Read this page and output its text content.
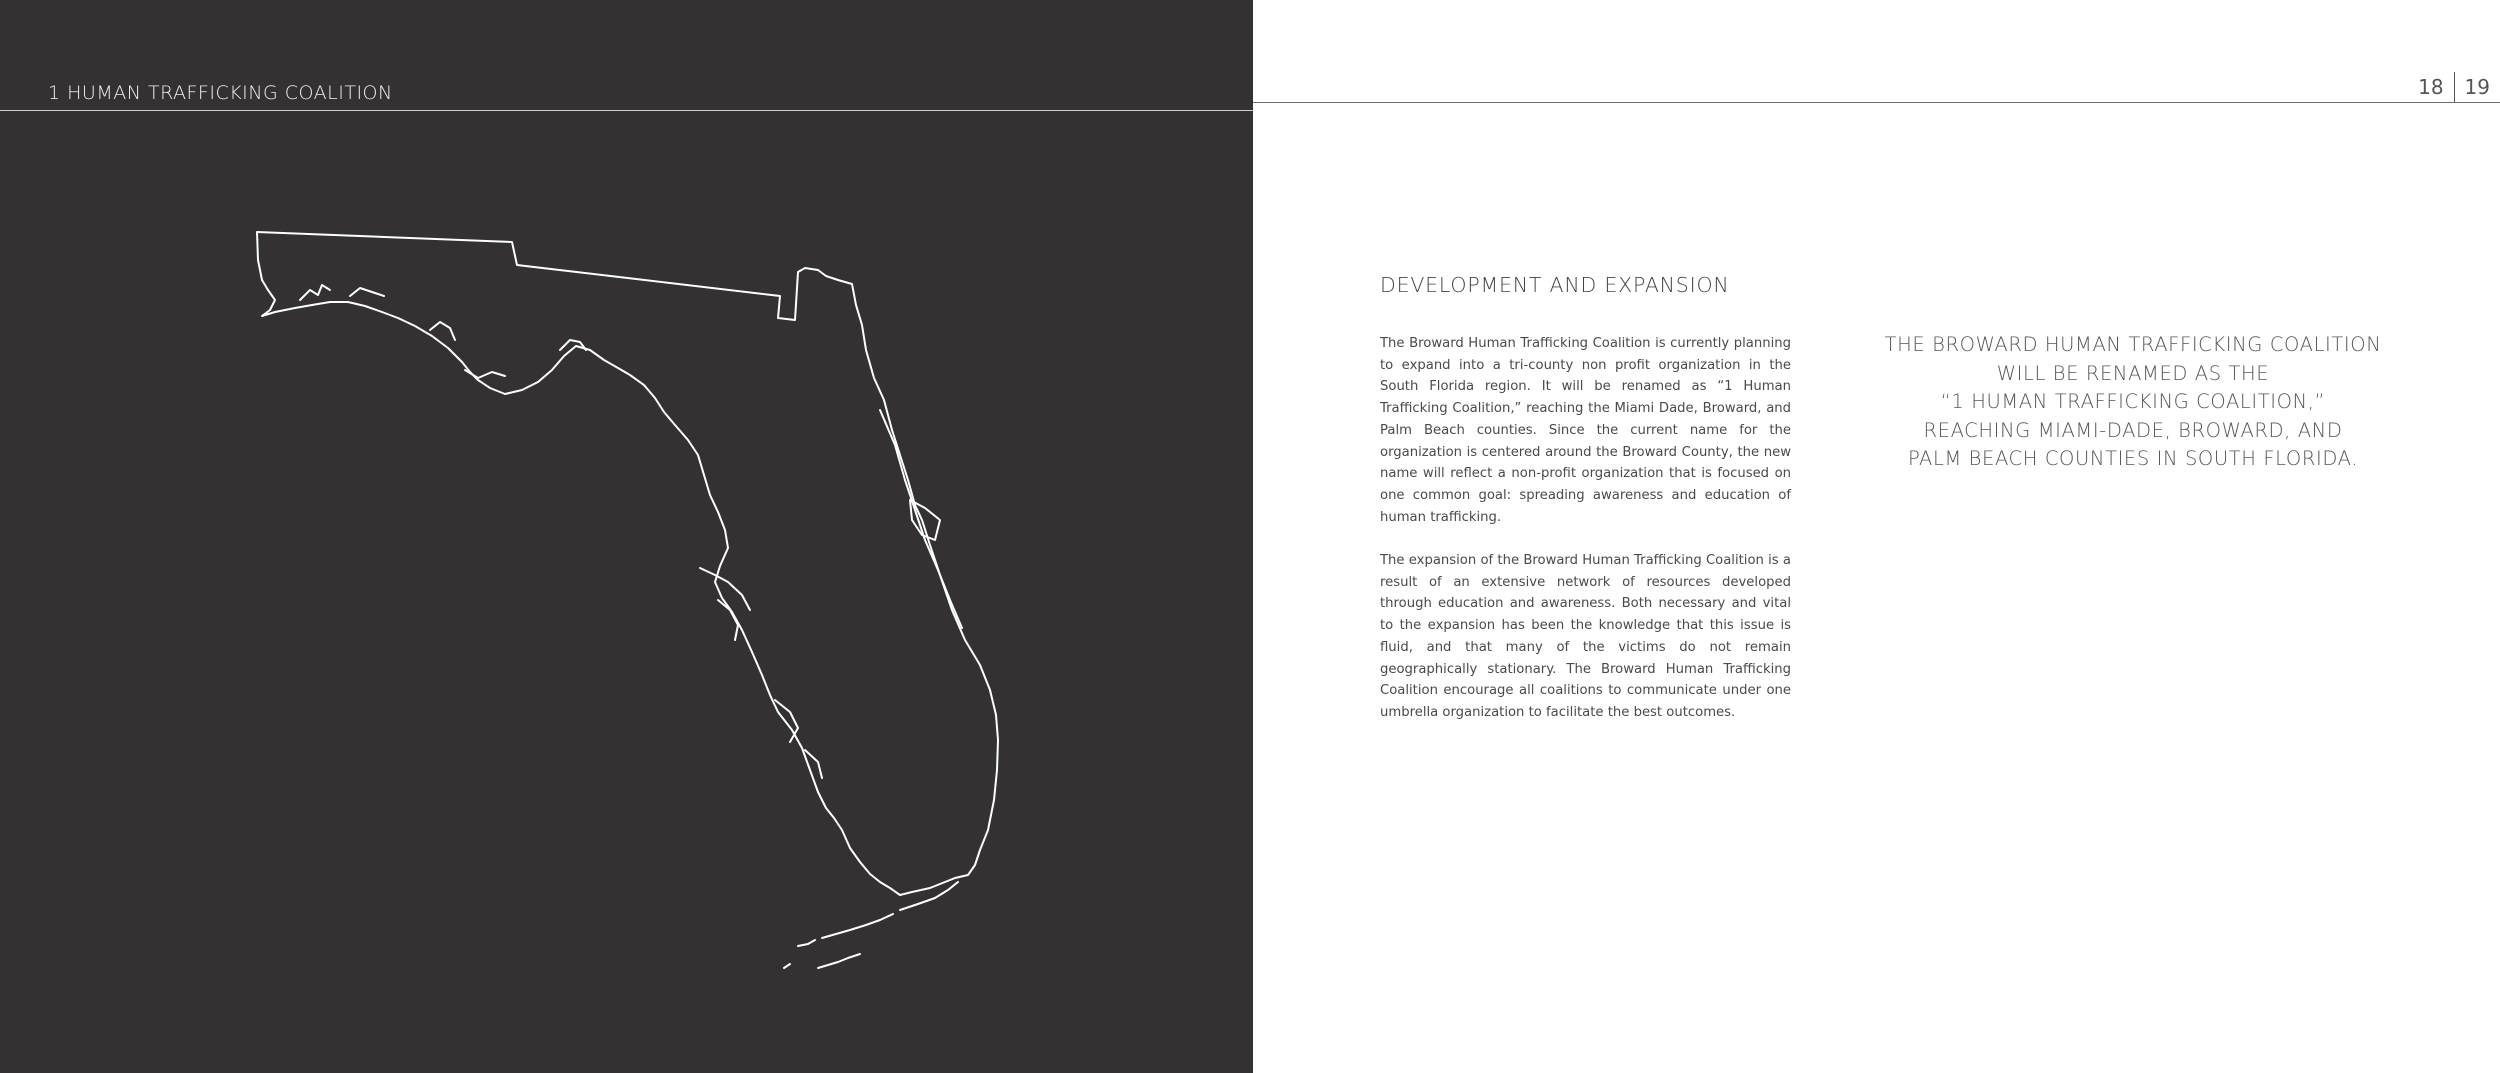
1 HUMAN TRAFFICKING COALITION	18	19
DEVELOPMENT AND EXPANSION
The Broward Human Trafficking Coalition is currently planning to expand into a tri-county non profit organization in the South Florida region. It will be renamed as “1 Human Trafficking Coalition,” reaching the Miami Dade, Broward, and Palm Beach counties. Since the current name for the organization is centered around the Broward County, the new name will reflect a non-profit organization that is focused on one common goal: spreading awareness and education of human trafficking.
The expansion of the Broward Human Trafficking Coalition is a result of an extensive network of resources developed through education and awareness. Both necessary and vital to the expansion has been the knowledge that this issue is fluid, and that many of the victims do not remain geographically stationary. The Broward Human Trafficking Coalition encourage all coalitions to communicate under one umbrella organization to facilitate the best outcomes.
THE BROWARD HUMAN TRAFFICKING COALITION
WILL BE RENAMED AS THE
“1 HUMAN TRAFFICKING COALITION,”
REACHING MIAMI-DADE, BROWARD, AND
PALM BEACH COUNTIES IN SOUTH FLORIDA.
